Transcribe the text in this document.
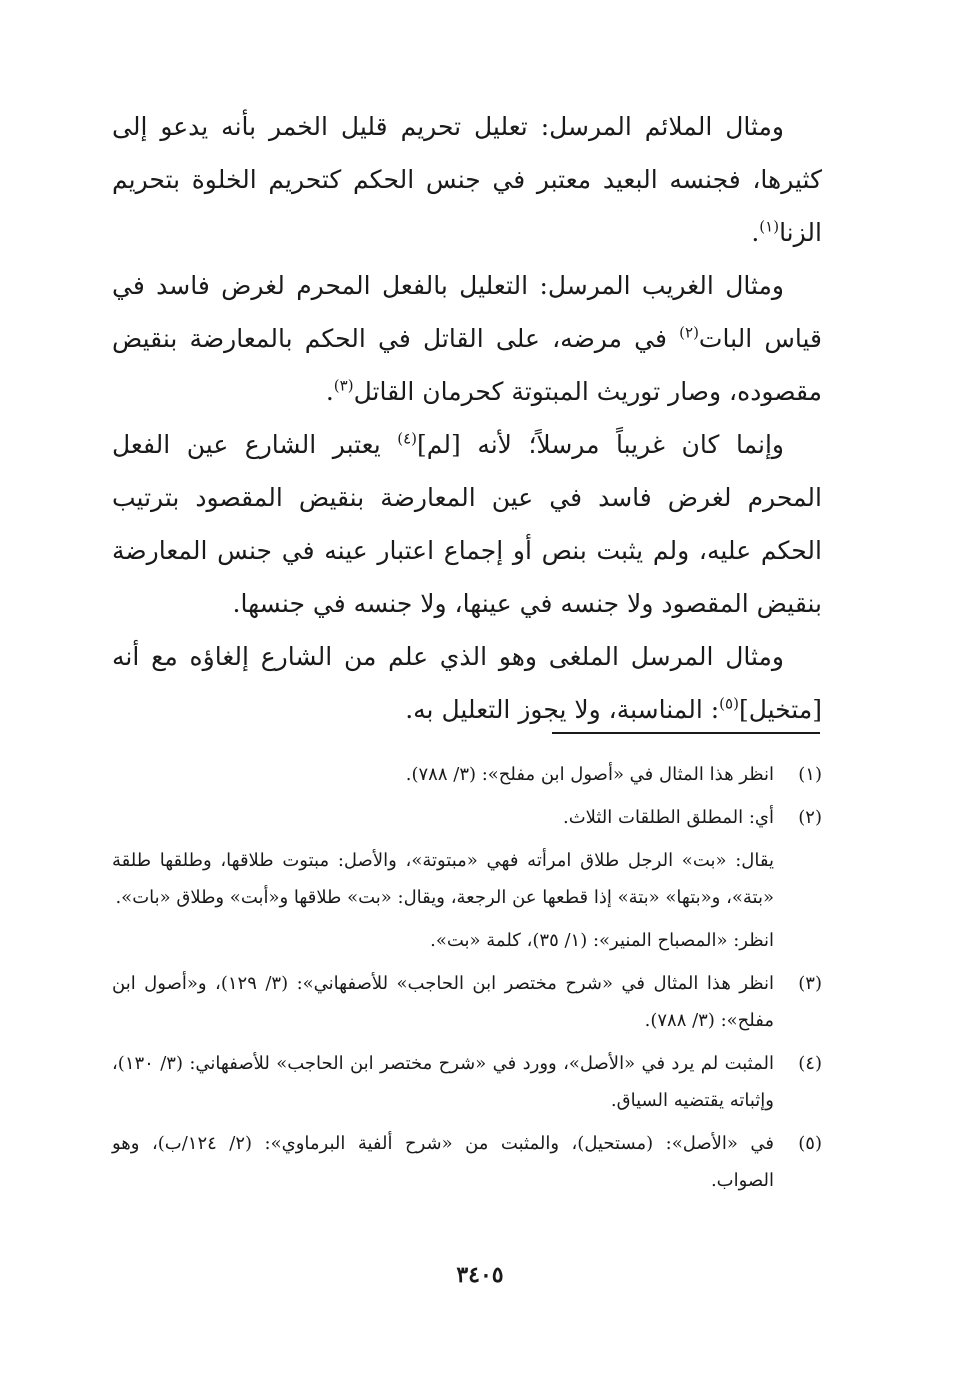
ومثال الملائم المرسل: تعليل تحريم قليل الخمر بأنه يدعو إلى كثيرها، فجنسه البعيد معتبر في جنس الحكم كتحريم الخلوة بتحريم الزنا$^{(١)}$.

ومثال الغريب المرسل: التعليل بالفعل المحرم لغرض فاسد في قياس البات$^{(٢)}$ في مرضه، على القاتل في الحكم بالمعارضة بنقيض مقصوده، وصار توريث المبتوتة كحرمان القاتل$^{(٣)}$.

وإنما كان غريباً مرسلاً؛ لأنه [لم]$^{(٤)}$ يعتبر الشارع عين الفعل المحرم لغرض فاسد في عين المعارضة بنقيض المقصود بترتيب الحكم عليه، ولم يثبت بنص أو إجماع اعتبار عينه في جنس المعارضة بنقيض المقصود ولا جنسه في عينها، ولا جنسه في جنسها.

ومثال المرسل الملغى وهو الذي علم من الشارع إلغاؤه مع أنه [متخيل]$^{(٥)}$: المناسبة، ولا يجوز التعليل به.

(١)
انظر هذا المثال في «أصول ابن مفلح»: (٣/ ٧٨٨).
(٢)
أي: المطلق الطلقات الثلاث.
يقال: «بت» الرجل طلاق امرأته فهي «مبتوتة»، والأصل: مبتوت طلاقها، وطلقها طلقة «بتة»، و«بتها» «بتة» إذا قطعها عن الرجعة، ويقال: «بت» طلاقها و«أبت» وطلاق «بات».
انظر: «المصباح المنير»: (١/ ٣٥)، كلمة «بت».
(٣)
انظر هذا المثال في «شرح مختصر ابن الحاجب» للأصفهاني»: (٣/ ١٢٩)، و«أصول ابن مفلح»: (٣/ ٧٨٨).
(٤)
المثبت لم يرد في «الأصل»، وورد في «شرح مختصر ابن الحاجب» للأصفهاني: (٣/ ١٣٠)، وإثباته يقتضيه السياق.
(٥)
في «الأصل»: (مستحيل)، والمثبت من «شرح ألفية البرماوي»: (٢/ ١٢٤/ب)، وهو الصواب.
٣٤٠٥
